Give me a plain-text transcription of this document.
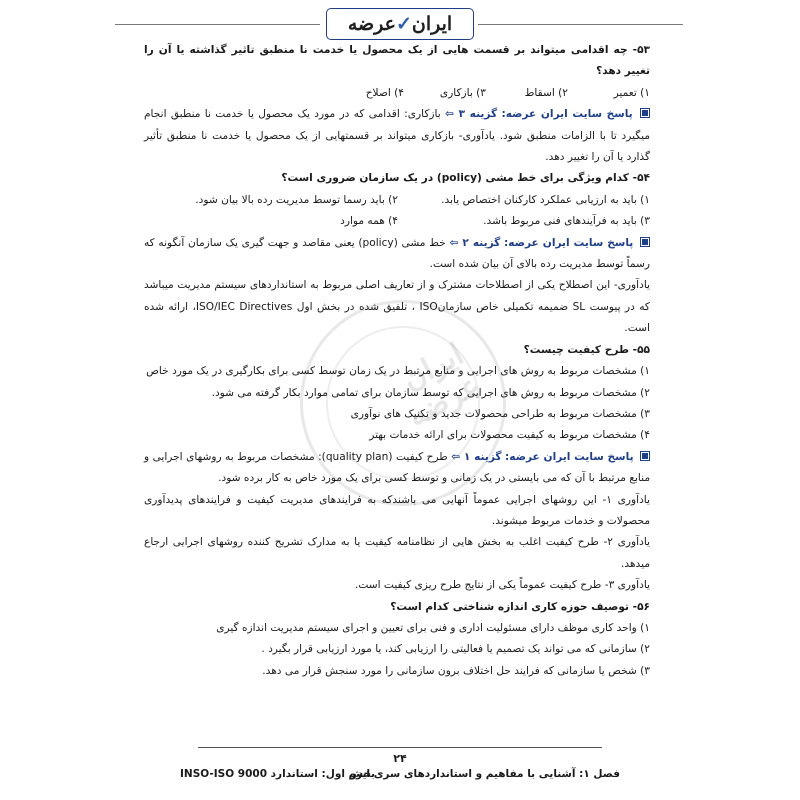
ایران
✓
عرضه
ایران عرضه

۵۳- چه اقدامی میتواند بر قسمت هایی از یک محصول یا خدمت نا منطبق تاثیر گذاشته یا آن را تغییر دهد؟

۱) تعمیر
۲) اسقاط
۳) بازکاری
۴) اصلاح

پاسخ سایت ایران عرضه: گزینه ۳ ⇦ بازکاری: اقدامی که در مورد یک محصول یا خدمت نا منطبق انجام میگیرد تا با الزامات منطبق شود. یادآوری- بازکاری میتواند بر قسمتهایی از یک محصول یا خدمت نا منطبق تأثیر گذارد یا آن را تغییر دهد.

۵۴- کدام ویژگی برای خط مشی (policy) در یک سازمان ضروری است؟

۱) باید به ارزیابی عملکرد کارکنان اختصاص یابد.
۲) باید رسما توسط مدیریت رده بالا بیان شود.
۳) باید به فرآیندهای فنی مربوط باشد.
۴) همه موارد

پاسخ سایت ایران عرضه: گزینه ۲ ⇦ خط مشی (policy) یعنی مقاصد و جهت گیری یک سازمان آنگونه که رسماً توسط مدیریت رده بالای آن بیان شده است.

یادآوری- این اصطلاح یکی از اصطلاحات مشترک و از تعاریف اصلی مربوط به استانداردهای سیستم مدیریت میباشد که در پیوست SL ضمیمه تکمیلی خاص سازمانISO ، تلفیق شده در بخش اول ISO/IEC Directives، ارائه شده است.

۵۵- طرح کیفیت چیست؟

۱) مشخصات مربوط به روش های اجرایی و منابع مرتبط در یک زمان توسط کسی برای بکارگیری در یک مورد خاص

۲) مشخصات مربوط به روش های اجرایی که توسط سازمان برای تمامی موارد بکار گرفته می شود.

۳) مشخصات مربوط به طراحی محصولات جدید و تکنیک های نوآوری

۴) مشخصات مربوط به کیفیت محصولات برای ارائه خدمات بهتر

پاسخ سایت ایران عرضه: گزینه ۱ ⇦ طرح کیفیت (quality plan): مشخصات مربوط به روشهای اجرایی و منابع مرتبط با آن که می بایستی در یک زمانی و توسط کسی برای یک مورد خاص به کار برده شود.

یادآوری ۱- این روشهای اجرایی عموماً آنهایی می باشندکه به فرایندهای مدیریت کیفیت و فرایندهای پدیدآوری محصولات و خدمات مربوط میشوند.

یادآوری ۲- طرح کیفیت اغلب به بخش هایی از نظامنامه کیفیت یا به مدارک تشریح کننده روشهای اجرایی ارجاع میدهد.

یادآوری ۳- طرح کیفیت عموماً یکی از نتایج طرح ریزی کیفیت است.

۵۶- توصیف حوزه کاری اندازه شناختی کدام است؟

۱) واحد کاری موظف دارای مسئولیت اداری و فنی برای تعیین و اجرای سیستم مدیریت اندازه گیری

۲) سازمانی که می تواند یک تصمیم یا فعالیتی را ارزیابی کند، یا مورد ارزیابی قرار بگیرد .

۳) شخص یا سازمانی که فرایند حل اختلاف برون سازمانی را مورد سنجش قرار می دهد.

۲۴
فصل ۱: آشنایی با مفاهیم و استانداردهای سری ایزو
بخش اول: استاندارد INSO-ISO 9000
